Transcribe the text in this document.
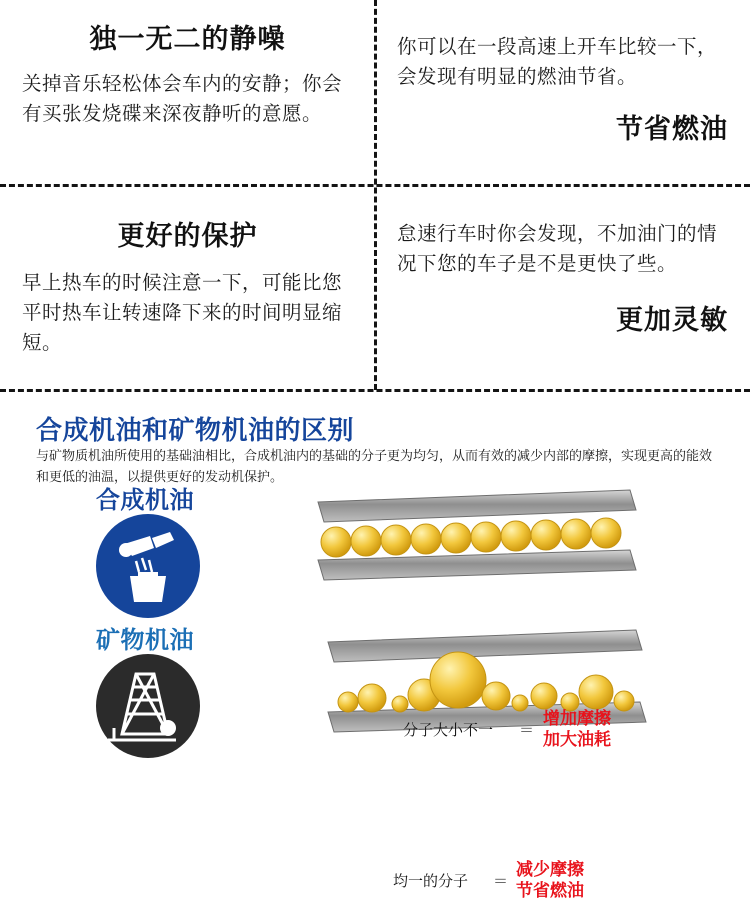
独一无二的静噪
关掉音乐轻松体会车内的安静；你会有买张发烧碟来深夜静听的意愿。
你可以在一段高速上开车比较一下，会发现有明显的燃油节省。
节省燃油
更好的保护
早上热车的时候注意一下，可能比您平时热车让转速降下来的时间明显缩短。
怠速行车时你会发现，不加油门的情况下您的车子是不是更快了些。
更加灵敏
合成机油和矿物机油的区别
与矿物质机油所使用的基础油相比，合成机油内的基础的分子更为均匀，从而有效的减少内部的摩擦，实现更高的能效和更低的油温，以提供更好的发动机保护。
合成机油
矿物机油
均一的分子 ＝
减少摩擦
节省燃油
分子大小不一 ＝
增加摩擦
加大油耗
